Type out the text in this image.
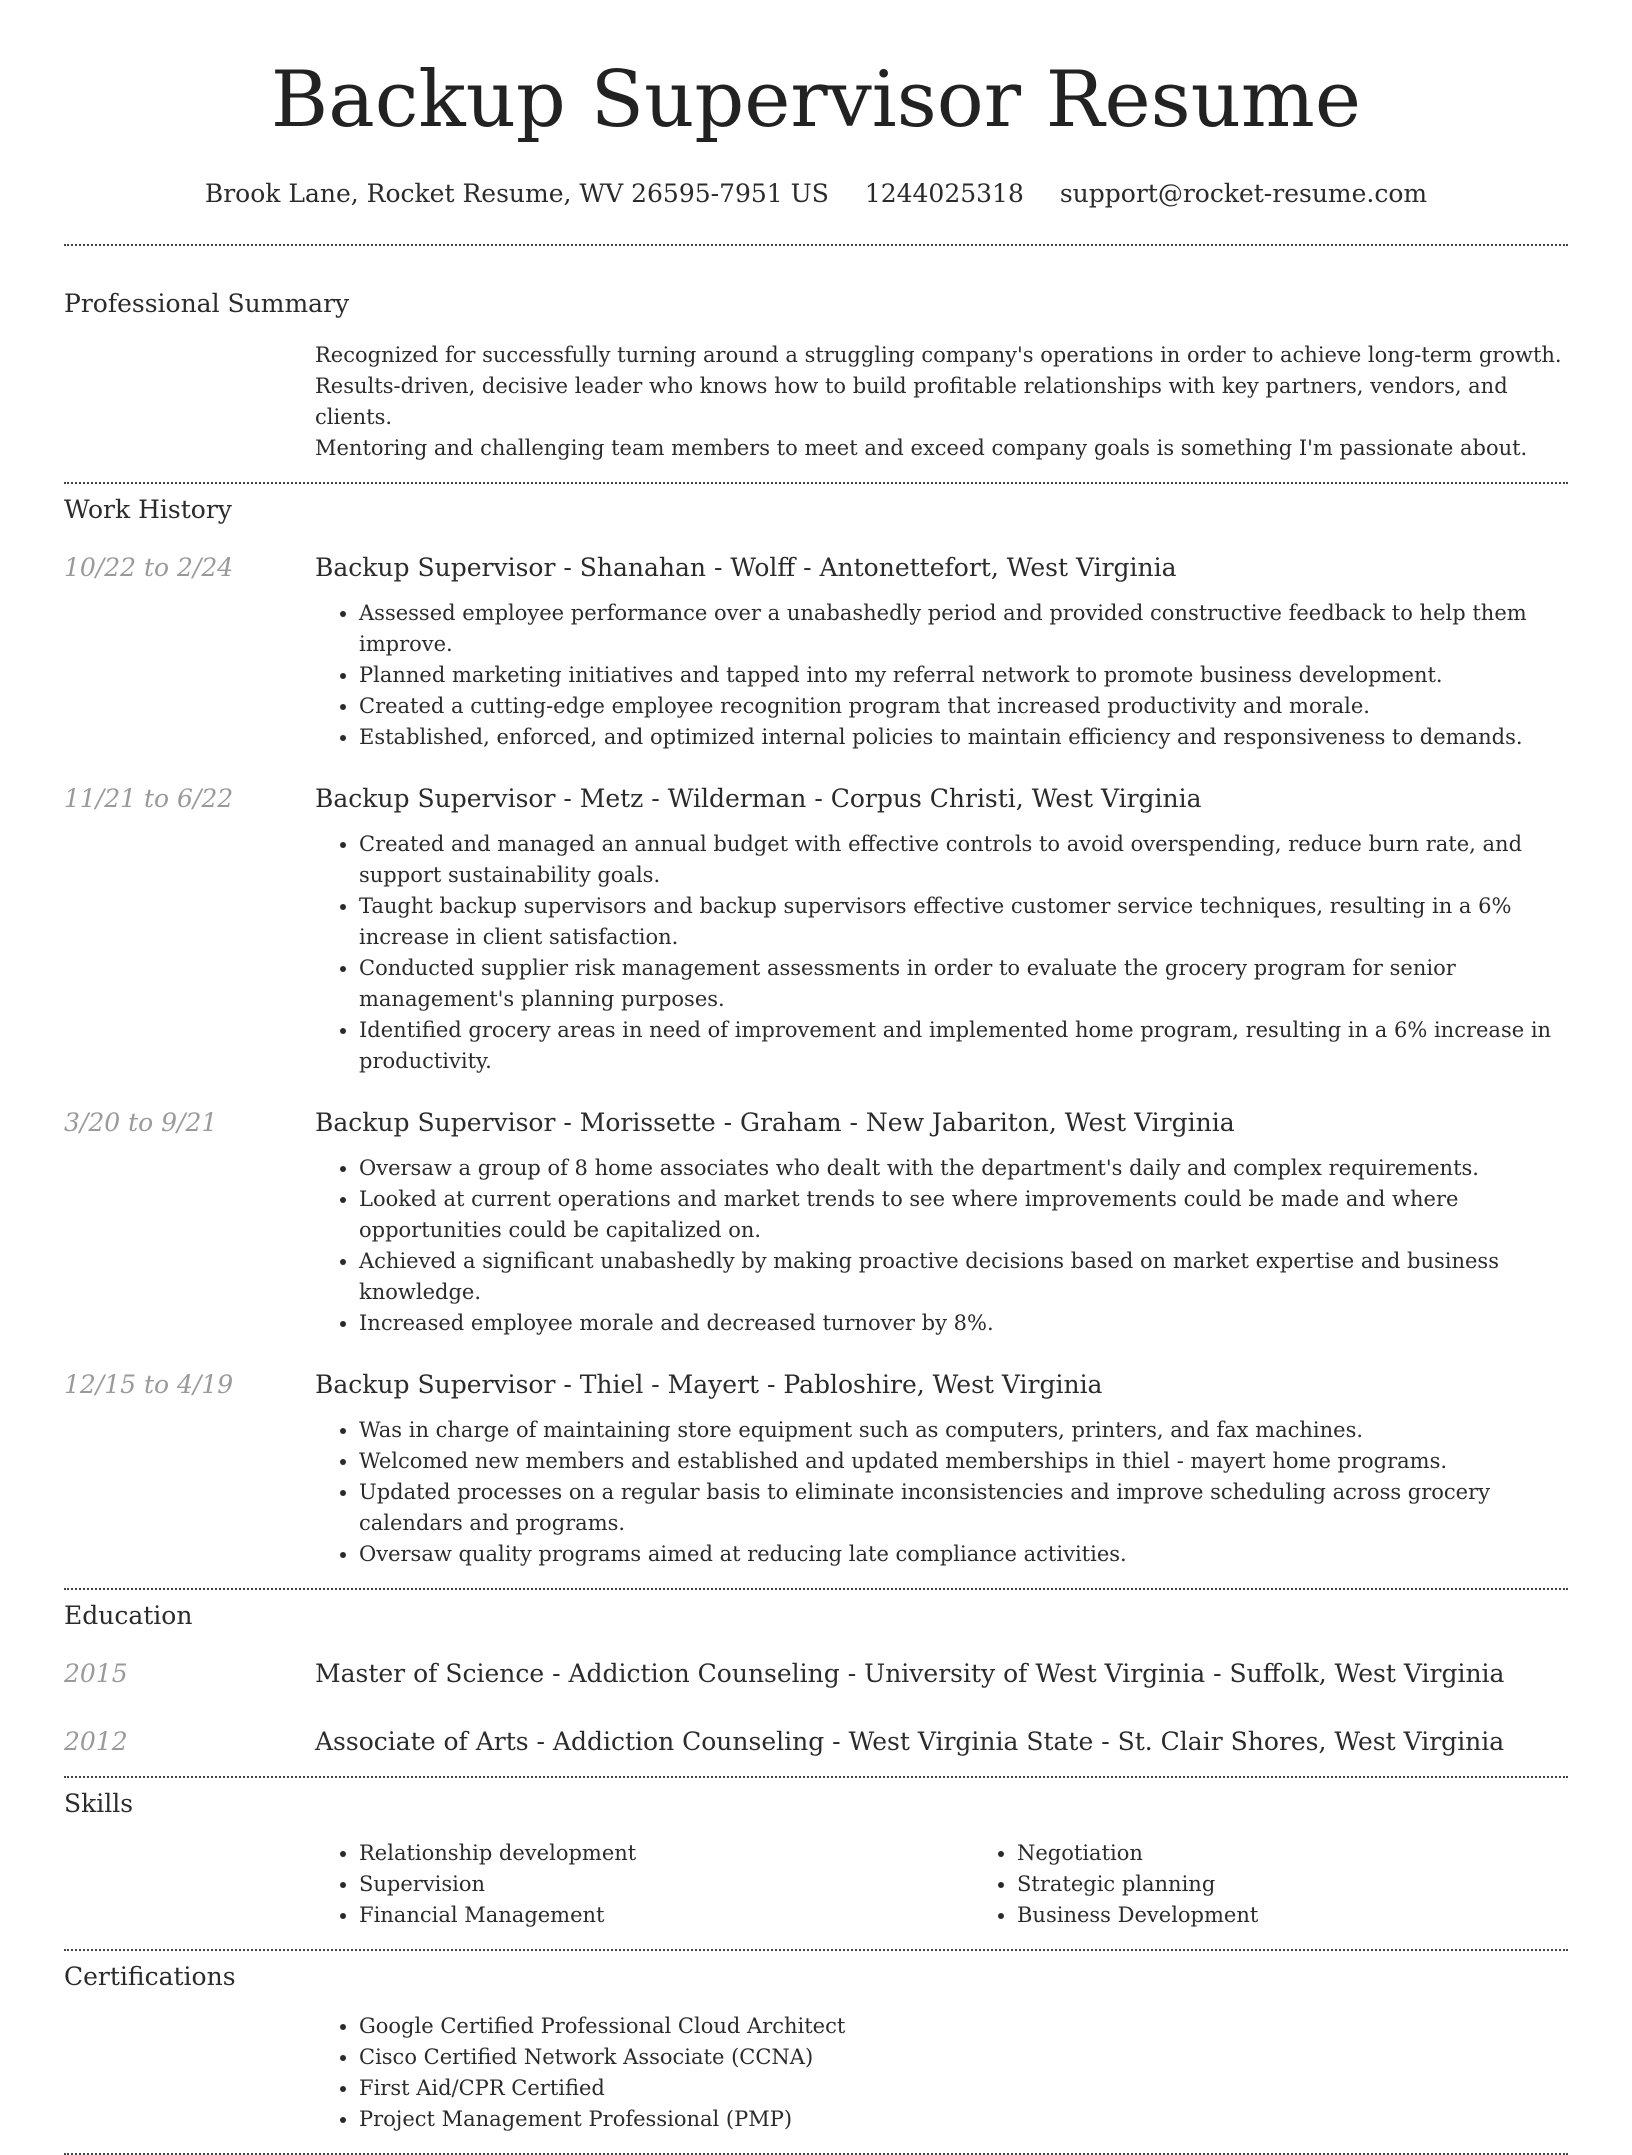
Backup Supervisor Resume
Brook Lane, Rocket Resume, WV 26595-7951 US 1244025318 support@rocket-resume.com
Professional Summary
Recognized for successfully turning around a struggling company's operations in order to achieve long-term growth.
Results-driven, decisive leader who knows how to build profitable relationships with key partners, vendors, and clients.
Mentoring and challenging team members to meet and exceed company goals is something I'm passionate about.
Work History
10/22 to 2/24	Backup Supervisor - Shanahan - Wolff - Antonettefort, West Virginia
• Assessed employee performance over a unabashedly period and provided constructive feedback to help them improve.
• Planned marketing initiatives and tapped into my referral network to promote business development.
• Created a cutting-edge employee recognition program that increased productivity and morale.
• Established, enforced, and optimized internal policies to maintain efficiency and responsiveness to demands.
11/21 to 6/22	Backup Supervisor - Metz - Wilderman - Corpus Christi, West Virginia
• Created and managed an annual budget with effective controls to avoid overspending, reduce burn rate, and support sustainability goals.
• Taught backup supervisors and backup supervisors effective customer service techniques, resulting in a 6% increase in client satisfaction.
• Conducted supplier risk management assessments in order to evaluate the grocery program for senior management's planning purposes.
• Identified grocery areas in need of improvement and implemented home program, resulting in a 6% increase in productivity.
3/20 to 9/21	Backup Supervisor - Morissette - Graham - New Jabariton, West Virginia
• Oversaw a group of 8 home associates who dealt with the department's daily and complex requirements.
• Looked at current operations and market trends to see where improvements could be made and where opportunities could be capitalized on.
• Achieved a significant unabashedly by making proactive decisions based on market expertise and business knowledge.
• Increased employee morale and decreased turnover by 8%.
12/15 to 4/19	Backup Supervisor - Thiel - Mayert - Pabloshire, West Virginia
• Was in charge of maintaining store equipment such as computers, printers, and fax machines.
• Welcomed new members and established and updated memberships in thiel - mayert home programs.
• Updated processes on a regular basis to eliminate inconsistencies and improve scheduling across grocery calendars and programs.
• Oversaw quality programs aimed at reducing late compliance activities.
Education
2015	Master of Science - Addiction Counseling - University of West Virginia - Suffolk, West Virginia
2012	Associate of Arts - Addiction Counseling - West Virginia State - St. Clair Shores, West Virginia
Skills
• Relationship development
• Supervision
• Financial Management
• Negotiation
• Strategic planning
• Business Development
Certifications
• Google Certified Professional Cloud Architect
• Cisco Certified Network Associate (CCNA)
• First Aid/CPR Certified
• Project Management Professional (PMP)
